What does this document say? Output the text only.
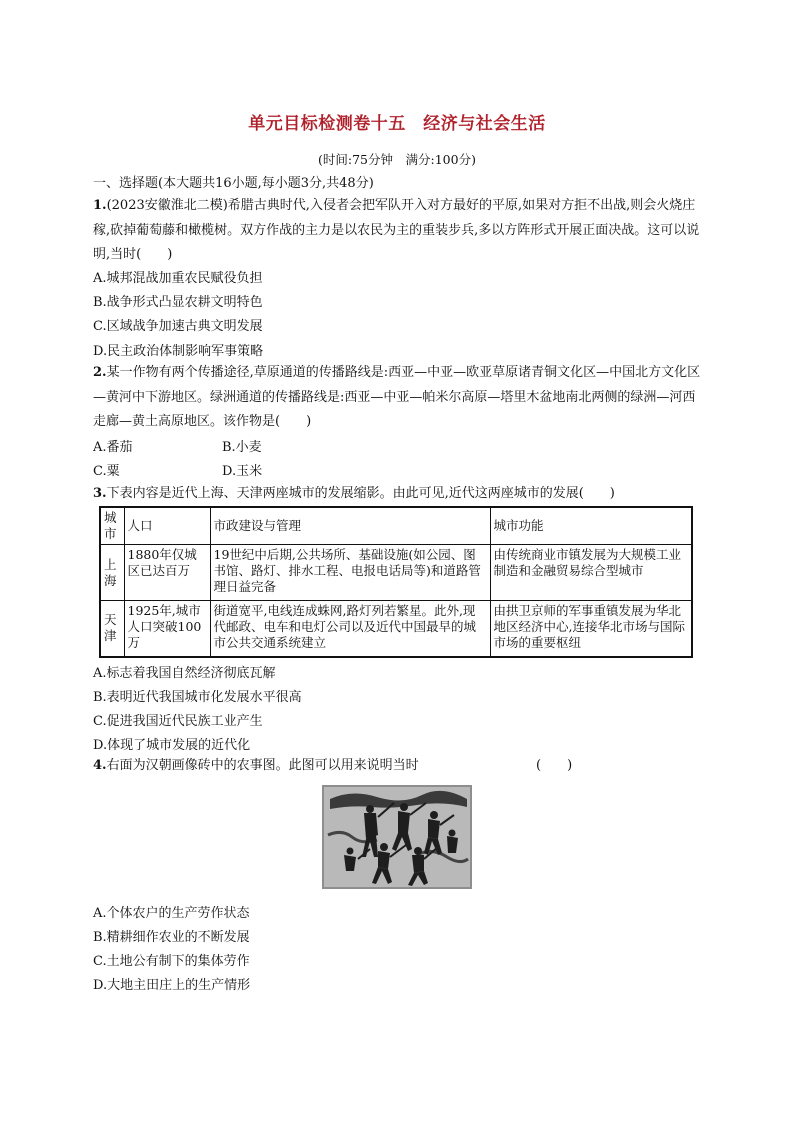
单元目标检测卷十五　经济与社会生活
(时间:75分钟　满分:100分)
一、选择题(本大题共16小题,每小题3分,共48分)
1.(2023安徽淮北二模)希腊古典时代,入侵者会把军队开入对方最好的平原,如果对方拒不出战,则会火烧庄稼,砍掉葡萄藤和橄榄树。双方作战的主力是以农民为主的重装步兵,多以方阵形式开展正面决战。这可以说明,当时(　　)
A.城邦混战加重农民赋役负担
B.战争形式凸显农耕文明特色
C.区域战争加速古典文明发展
D.民主政治体制影响军事策略
2.某一作物有两个传播途径,草原通道的传播路线是:西亚—中亚—欧亚草原诸青铜文化区—中国北方文化区—黄河中下游地区。绿洲通道的传播路线是:西亚—中亚—帕米尔高原—塔里木盆地南北两侧的绿洲—河西走廊—黄土高原地区。该作物是(　　)
A.番茄	B.小麦
C.粟	D.玉米
3.下表内容是近代上海、天津两座城市的发展缩影。由此可见,近代这两座城市的发展(　　)
城市	人口	市政建设与管理	城市功能
上海	1880年仅城区已达百万	19世纪中后期,公共场所、基础设施(如公园、图书馆、路灯、排水工程、电报电话局等)和道路管理日益完备	由传统商业市镇发展为大规模工业制造和金融贸易综合型城市
天津	1925年,城市人口突破100万	街道宽平,电线连成蛛网,路灯列若繁星。此外,现代邮政、电车和电灯公司以及近代中国最早的城市公共交通系统建立	由拱卫京师的军事重镇发展为华北地区经济中心,连接华北市场与国际市场的重要枢纽
A.标志着我国自然经济彻底瓦解
B.表明近代我国城市化发展水平很高
C.促进我国近代民族工业产生
D.体现了城市发展的近代化
4.右面为汉朝画像砖中的农事图。此图可以用来说明当时	(　　)
A.个体农户的生产劳作状态
B.精耕细作农业的不断发展
C.土地公有制下的集体劳作
D.大地主田庄上的生产情形
